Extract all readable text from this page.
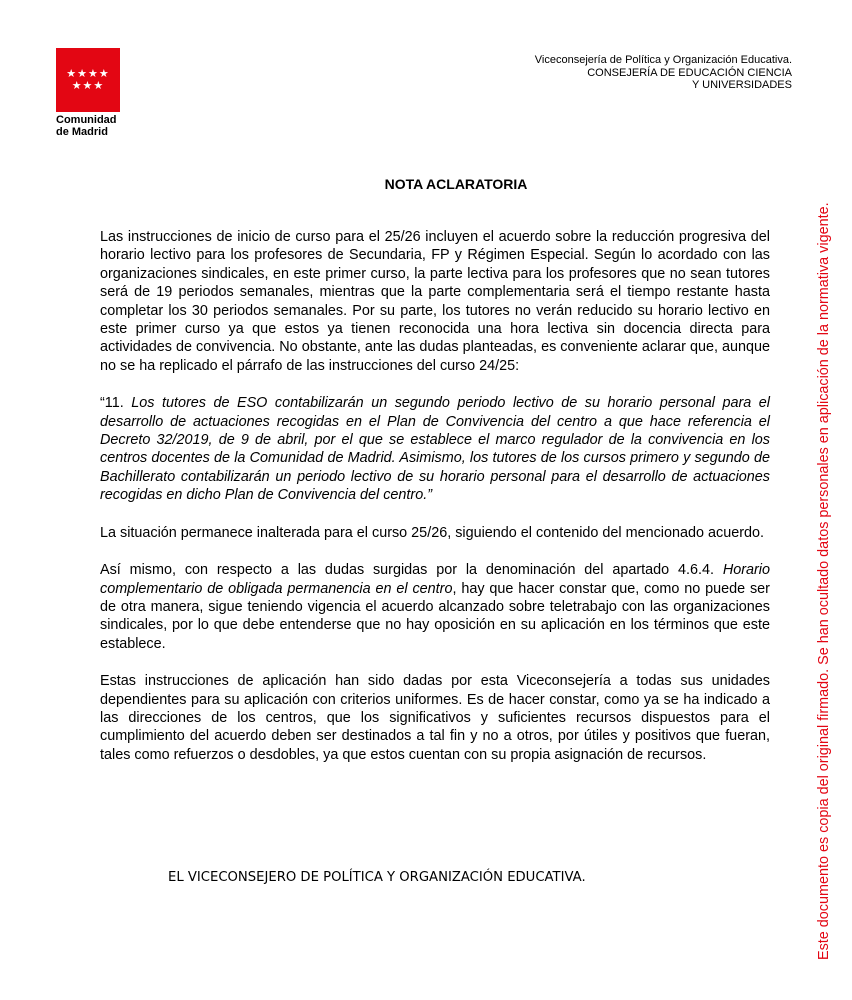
★★★★
★★★
Comunidad
de Madrid
Viceconsejería de Política y Organización Educativa.
CONSEJERÍA DE EDUCACIÓN CIENCIA
Y UNIVERSIDADES
NOTA ACLARATORIA

Las instrucciones de inicio de curso para el 25/26 incluyen el acuerdo sobre la reducción progresiva del horario lectivo para los profesores de Secundaria, FP y Régimen Especial. Según lo acordado con las organizaciones sindicales, en este primer curso, la parte lectiva para los profesores que no sean tutores será de 19 periodos semanales, mientras que la parte complementaria será el tiempo restante hasta completar los 30 periodos semanales. Por su parte, los tutores no verán reducido su horario lectivo en este primer curso ya que estos ya tienen reconocida una hora lectiva sin docencia directa para actividades de convivencia. No obstante, ante las dudas planteadas, es conveniente aclarar que, aunque no se ha replicado el párrafo de las instrucciones del curso 24/25:

“11. Los tutores de ESO contabilizarán un segundo periodo lectivo de su horario personal para el desarrollo de actuaciones recogidas en el Plan de Convivencia del centro a que hace referencia el Decreto 32/2019, de 9 de abril, por el que se establece el marco regulador de la convivencia en los centros docentes de la Comunidad de Madrid. Asimismo, los tutores de los cursos primero y segundo de Bachillerato contabilizarán un periodo lectivo de su horario personal para el desarrollo de actuaciones recogidas en dicho Plan de Convivencia del centro.”

La situación permanece inalterada para el curso 25/26, siguiendo el contenido del mencionado acuerdo.

Así mismo, con respecto a las dudas surgidas por la denominación del apartado 4.6.4. Horario complementario de obligada permanencia en el centro, hay que hacer constar que, como no puede ser de otra manera, sigue teniendo vigencia el acuerdo alcanzado sobre teletrabajo con las organizaciones sindicales, por lo que debe entenderse que no hay oposición en su aplicación en los términos que este establece.

Estas instrucciones de aplicación han sido dadas por esta Viceconsejería a todas sus unidades dependientes para su aplicación con criterios uniformes. Es de hacer constar, como ya se ha indicado a las direcciones de los centros, que los significativos y suficientes recursos dispuestos para el cumplimiento del acuerdo deben ser destinados a tal fin y no a otros, por útiles y positivos que fueran, tales como refuerzos o desdobles, ya que estos cuentan con su propia asignación de recursos.

EL VICECONSEJERO DE POLÍTICA Y ORGANIZACIÓN EDUCATIVA.	Este documento es copia del original firmado. Se han ocultado datos personales en aplicación de la normativa vigente.
